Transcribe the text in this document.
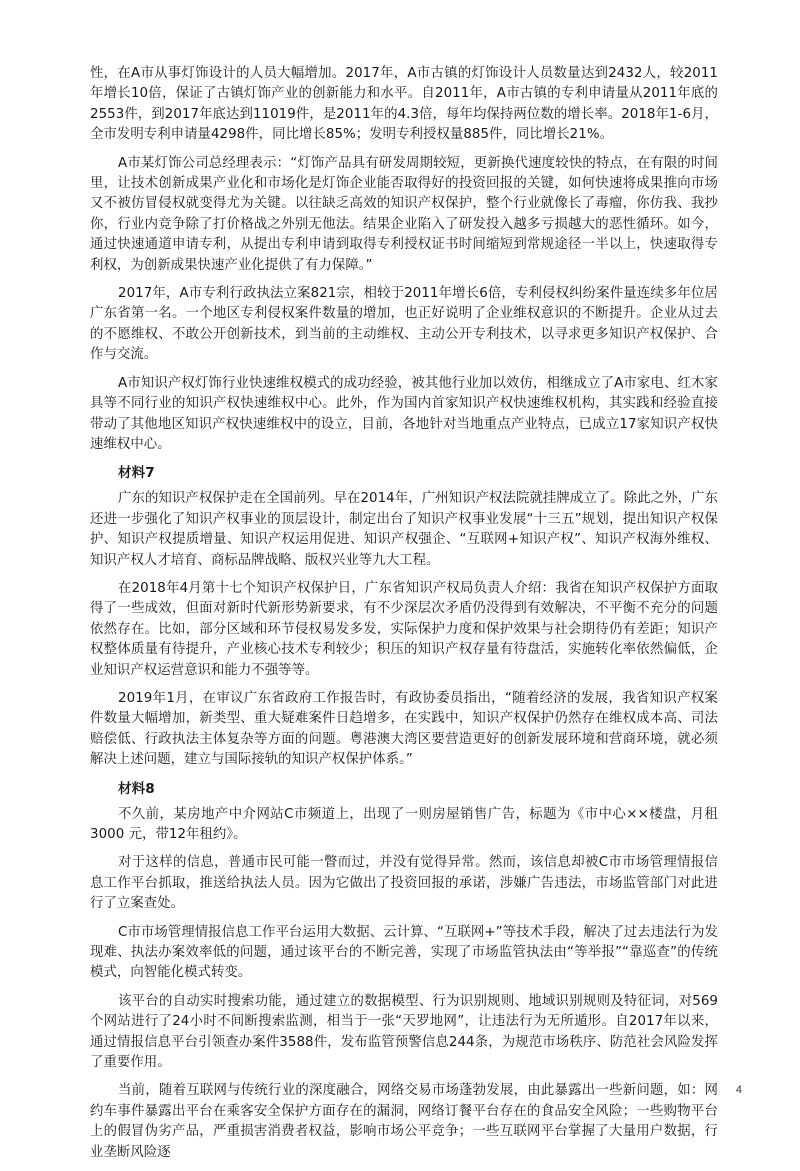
性，在A市从事灯饰设计的人员大幅增加。2017年，A市古镇的灯饰设计人员数量达到2432人，较2011年增长10倍，保证了古镇灯饰产业的创新能力和水平。自2011年，A市古镇的专利申请量从2011年底的2553件，到2017年底达到11019件，是2011年的4.3倍，每年均保持两位数的增长率。2018年1-6月，全市发明专利申请量4298件，同比增长85%；发明专利授权量885件，同比增长21%。

A市某灯饰公司总经理表示：“灯饰产品具有研发周期较短，更新换代速度较快的特点，在有限的时间里，让技术创新成果产业化和市场化是灯饰企业能否取得好的投资回报的关键，如何快速将成果推向市场又不被仿冒侵权就变得尤为关键。以往缺乏高效的知识产权保护，整个行业就像长了毒瘤，你仿我、我抄你，行业内竞争除了打价格战之外别无他法。结果企业陷入了研发投入越多亏损越大的恶性循环。如今，通过快速通道申请专利，从提出专利申请到取得专利授权证书时间缩短到常规途径一半以上，快速取得专利权，为创新成果快速产业化提供了有力保障。”

2017年，A市专利行政执法立案821宗，相较于2011年增长6倍，专利侵权纠纷案件量连续多年位居广东省第一名。一个地区专利侵权案件数量的增加，也正好说明了企业维权意识的不断提升。企业从过去的不愿维权、不敢公开创新技术，到当前的主动维权、主动公开专利技术，以寻求更多知识产权保护、合作与交流。

A市知识产权灯饰行业快速维权模式的成功经验，被其他行业加以效仿，相继成立了A市家电、红木家具等不同行业的知识产权快速维权中心。此外，作为国内首家知识产权快速维权机构，其实践和经验直接带动了其他地区知识产权快速维权中的设立，目前，各地针对当地重点产业特点，已成立17家知识产权快速维权中心。

材料7

广东的知识产权保护走在全国前列。早在2014年，广州知识产权法院就挂牌成立了。除此之外，广东还进一步强化了知识产权事业的顶层设计，制定出台了知识产权事业发展“十三五”规划，提出知识产权保护、知识产权提质增量、知识产权运用促进、知识产权强企、“互联网+知识产权”、知识产权海外维权、知识产权人才培育、商标品牌战略、版权兴业等九大工程。

在2018年4月第十七个知识产权保护日，广东省知识产权局负责人介绍：我省在知识产权保护方面取得了一些成效，但面对新时代新形势新要求，有不少深层次矛盾仍没得到有效解决，不平衡不充分的问题依然存在。比如，部分区域和环节侵权易发多发，实际保护力度和保护效果与社会期待仍有差距；知识产权整体质量有待提升，产业核心技术专利较少；积压的知识产权存量有待盘活，实施转化率依然偏低，企业知识产权运营意识和能力不强等等。

2019年1月，在审议广东省政府工作报告时，有政协委员指出，“随着经济的发展，我省知识产权案件数量大幅增加，新类型、重大疑难案件日趋增多，在实践中，知识产权保护仍然存在维权成本高、司法赔偿低、行政执法主体复杂等方面的问题。粤港澳大湾区要营造更好的创新发展环境和营商环境，就必须解决上述问题，建立与国际接轨的知识产权保护体系。”

材料8

不久前，某房地产中介网站C市频道上，出现了一则房屋销售广告，标题为《市中心××楼盘，月租3000 元，带12年租约》。

对于这样的信息，普通市民可能一瞥而过，并没有觉得异常。然而，该信息却被C市市场管理情报信息工作平台抓取，推送给执法人员。因为它做出了投资回报的承诺，涉嫌广告违法，市场监管部门对此进行了立案查处。

C市市场管理情报信息工作平台运用大数据、云计算、“互联网+”等技术手段，解决了过去违法行为发现难、执法办案效率低的问题，通过该平台的不断完善，实现了市场监管执法由“等举报”“靠巡查”的传统模式，向智能化模式转变。

该平台的自动实时搜索功能，通过建立的数据模型、行为识别规则、地域识别规则及特征词，对569个网站进行了24小时不间断搜索监测，相当于一张“天罗地网”，让违法行为无所遁形。自2017年以来，通过情报信息平台引领查办案件3588件，发布监管预警信息244条，为规范市场秩序、防范社会风险发挥了重要作用。

当前，随着互联网与传统行业的深度融合，网络交易市场蓬勃发展，由此暴露出一些新问题，如：网约车事件暴露出平台在乘客安全保护方面存在的漏洞，网络订餐平台存在的食品安全风险；一些购物平台上的假冒伪劣产品，严重损害消费者权益，影响市场公平竞争；一些互联网平台掌握了大量用户数据，行业垄断风险逐

4
